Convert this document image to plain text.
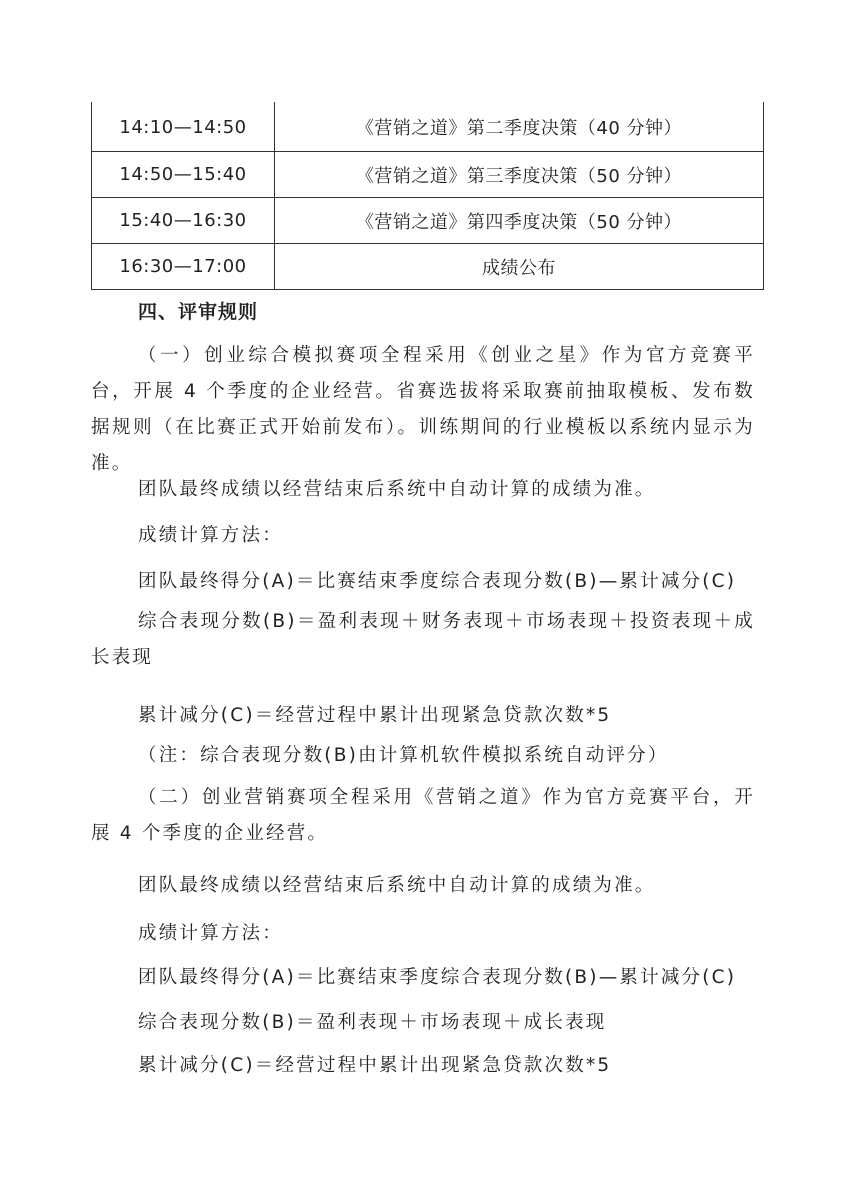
14:10—14:50	《营销之道》第二季度决策（40 分钟）
14:50—15:40	《营销之道》第三季度决策（50 分钟）
15:40—16:30	《营销之道》第四季度决策（50 分钟）
16:30—17:00	成绩公布
四、评审规则
（一）创业综合模拟赛项全程采用《创业之星》作为官方竞赛平台，开展 4 个季度的企业经营。省赛选拔将采取赛前抽取模板、发布数据规则（在比赛正式开始前发布）。训练期间的行业模板以系统内显示为准。
团队最终成绩以经营结束后系统中自动计算的成绩为准。
成绩计算方法：
团队最终得分(A)＝比赛结束季度综合表现分数(B)—累计减分(C)
综合表现分数(B)＝盈利表现＋财务表现＋市场表现＋投资表现＋成长表现
累计减分(C)＝经营过程中累计出现紧急贷款次数*5
（注：综合表现分数(B)由计算机软件模拟系统自动评分）
（二）创业营销赛项全程采用《营销之道》作为官方竞赛平台，开展 4 个季度的企业经营。
团队最终成绩以经营结束后系统中自动计算的成绩为准。
成绩计算方法：
团队最终得分(A)＝比赛结束季度综合表现分数(B)—累计减分(C)
综合表现分数(B)＝盈利表现＋市场表现＋成长表现
累计减分(C)＝经营过程中累计出现紧急贷款次数*5
